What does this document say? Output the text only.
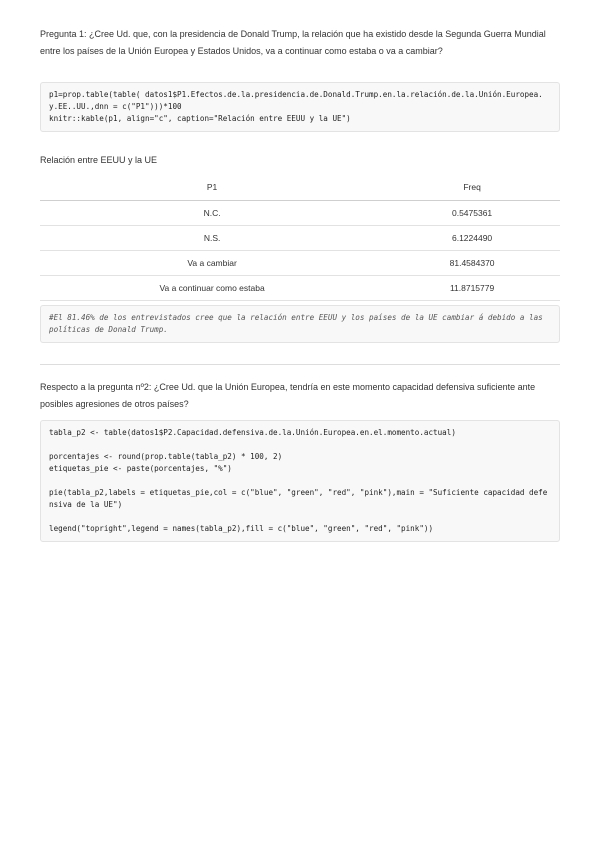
Pregunta 1: ¿Cree Ud. que, con la presidencia de Donald Trump, la relación que ha existido desde la Segunda Guerra Mundial entre los países de la Unión Europea y Estados Unidos, va a continuar como estaba o va a cambiar?

p1=prop.table(table( datos1$P1.Efectos.de.la.presidencia.de.Donald.Trump.en.la.relación.de.la.Unión.Europea.y.EE..UU.,dnn = c("P1")))*100
knitr::kable(p1, align="c", caption="Relación entre EEUU y la UE")
Relación entre EEUU y la UE
P1	Freq
N.C.	0.5475361
N.S.	6.1224490
Va a cambiar	81.4584370
Va a continuar como estaba	11.8715779
#El 81.46% de los entrevistados cree que la relación entre EEUU y los países de la UE cambiar á debido a las políticas de Donald Trump.

Respecto a la pregunta nº2: ¿Cree Ud. que la Unión Europea, tendría en este momento capacidad defensiva suficiente ante posibles agresiones de otros países?

tabla_p2 <- table(datos1$P2.Capacidad.defensiva.de.la.Unión.Europea.en.el.momento.actual)
porcentajes <- round(prop.table(tabla_p2) * 100, 2)
etiquetas_pie <- paste(porcentajes, "%")
pie(tabla_p2,labels = etiquetas_pie,col = c("blue", "green", "red", "pink"),main = "Suficiente capacidad defensiva de la UE")
legend("topright",legend = names(tabla_p2),fill = c("blue", "green", "red", "pink"))
